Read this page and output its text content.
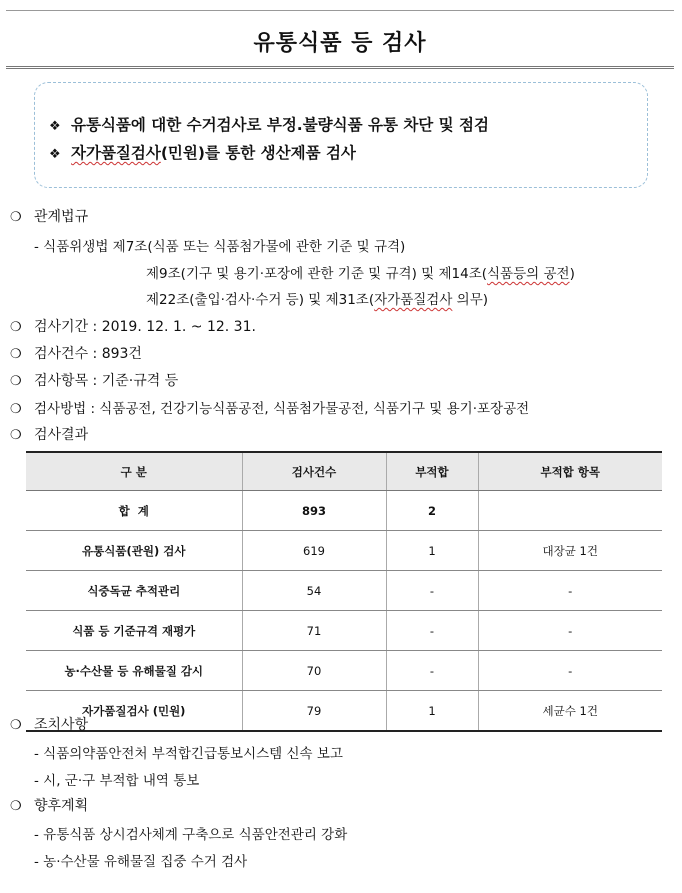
유통식품 등 검사
❖ 유통식품에 대한 수거검사로 부정.불량식품 유통 차단 및 점검
❖ 자가품질검사(민원)를 통한 생산제품 검사
❍ 관계법규
- 식품위생법 제7조(식품 또는 식품첨가물에 관한 기준 및 규격)
제9조(기구 및 용기·포장에 관한 기준 및 규격) 및 제14조(식품등의 공전)
제22조(출입·검사·수거 등) 및 제31조(자가품질검사 의무)
❍ 검사기간 : 2019. 12. 1. ~ 12. 31.
❍ 검사건수 : 893건
❍ 검사항목 : 기준·규격 등
❍ 검사방법 : 식품공전, 건강기능식품공전, 식품첨가물공전, 식품기구 및 용기·포장공전
❍ 검사결과
구 분	검사건수	부적합	부적합 항목
합  계	893	2	
유통식품(관원) 검사	619	1	대장균 1건
식중독균 추적관리	54	-	-
식품 등 기준규격 재평가	71	-	-
농·수산물 등 유해물질 감시	70	-	-
자가품질검사 (민원)	79	1	세균수 1건
❍ 조치사항
- 식품의약품안전처 부적합긴급통보시스템 신속 보고
- 시, 군·구 부적합 내역 통보
❍ 향후계획
- 유통식품 상시검사체계 구축으로 식품안전관리 강화
- 농·수산물 유해물질 집중 수거 검사
